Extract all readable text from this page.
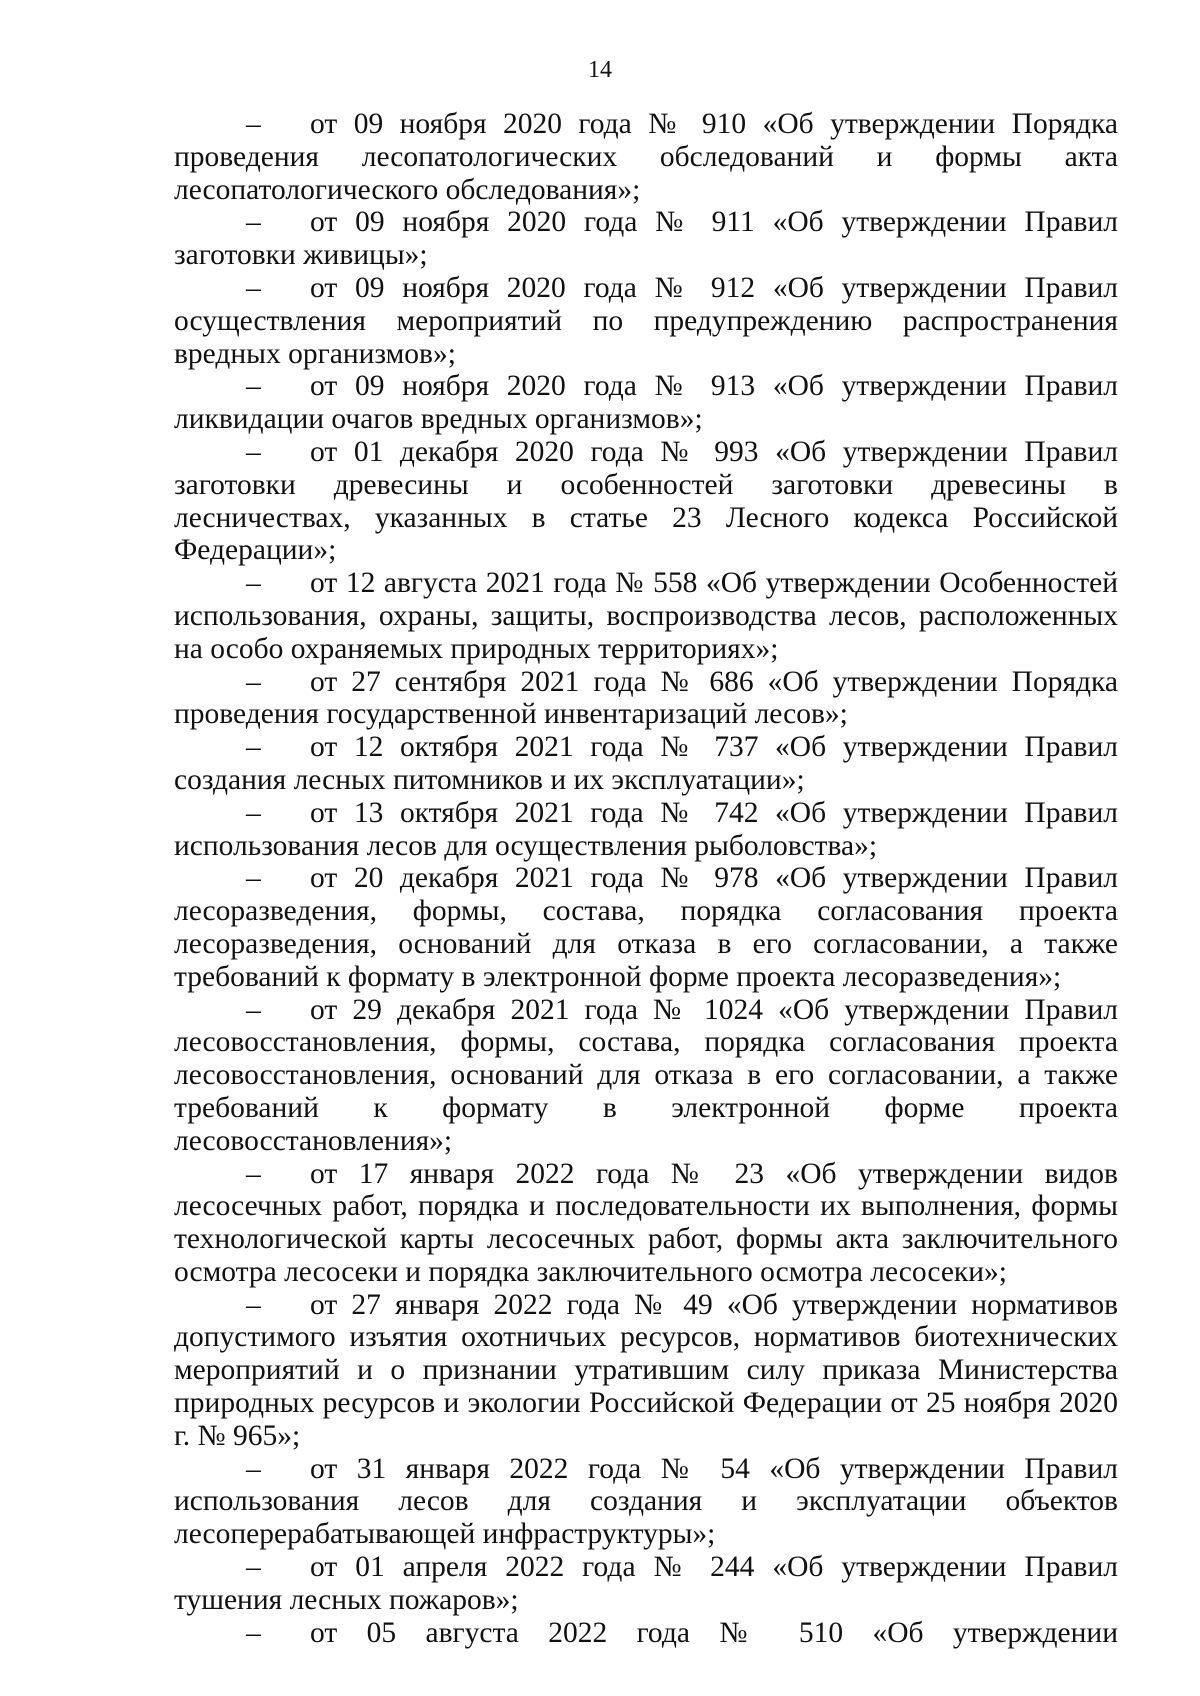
14

– от 09 ноября 2020 года № 910 «Об утверждении Порядка проведения лесопатологических обследований и формы акта лесопатологического обследования»;

– от 09 ноября 2020 года № 911 «Об утверждении Правил заготовки живицы»;

– от 09 ноября 2020 года № 912 «Об утверждении Правил осуществления мероприятий по предупреждению распространения вредных организмов»;

– от 09 ноября 2020 года № 913 «Об утверждении Правил ликвидации очагов вредных организмов»;

– от 01 декабря 2020 года № 993 «Об утверждении Правил заготовки древесины и особенностей заготовки древесины в лесничествах, указанных в статье 23 Лесного кодекса Российской Федерации»;

– от 12 августа 2021 года № 558 «Об утверждении Особенностей использования, охраны, защиты, воспроизводства лесов, расположенных на особо охраняемых природных территориях»;

– от 27 сентября 2021 года № 686 «Об утверждении Порядка проведения государственной инвентаризаций лесов»;

– от 12 октября 2021 года № 737 «Об утверждении Правил создания лесных питомников и их эксплуатации»;

– от 13 октября 2021 года № 742 «Об утверждении Правил использования лесов для осуществления рыболовства»;

– от 20 декабря 2021 года № 978 «Об утверждении Правил лесоразведения, формы, состава, порядка согласования проекта лесоразведения, оснований для отказа в его согласовании, а также требований к формату в электронной форме проекта лесоразведения»;

– от 29 декабря 2021 года № 1024 «Об утверждении Правил лесовосстановления, формы, состава, порядка согласования проекта лесовосстановления, оснований для отказа в его согласовании, а также требований к формату в электронной форме проекта лесовосстановления»;

– от 17 января 2022 года № 23 «Об утверждении видов лесосечных работ, порядка и последовательности их выполнения, формы технологической карты лесосечных работ, формы акта заключительного осмотра лесосеки и порядка заключительного осмотра лесосеки»;

– от 27 января 2022 года № 49 «Об утверждении нормативов допустимого изъятия охотничьих ресурсов, нормативов биотехнических мероприятий и о признании утратившим силу приказа Министерства природных ресурсов и экологии Российской Федерации от 25 ноября 2020 г. № 965»;

– от 31 января 2022 года № 54 «Об утверждении Правил использования лесов для создания и эксплуатации объектов лесоперерабатывающей инфраструктуры»;

– от 01 апреля 2022 года № 244 «Об утверждении Правил тушения лесных пожаров»;

– от 05 августа 2022 года № 510 «Об утверждении
